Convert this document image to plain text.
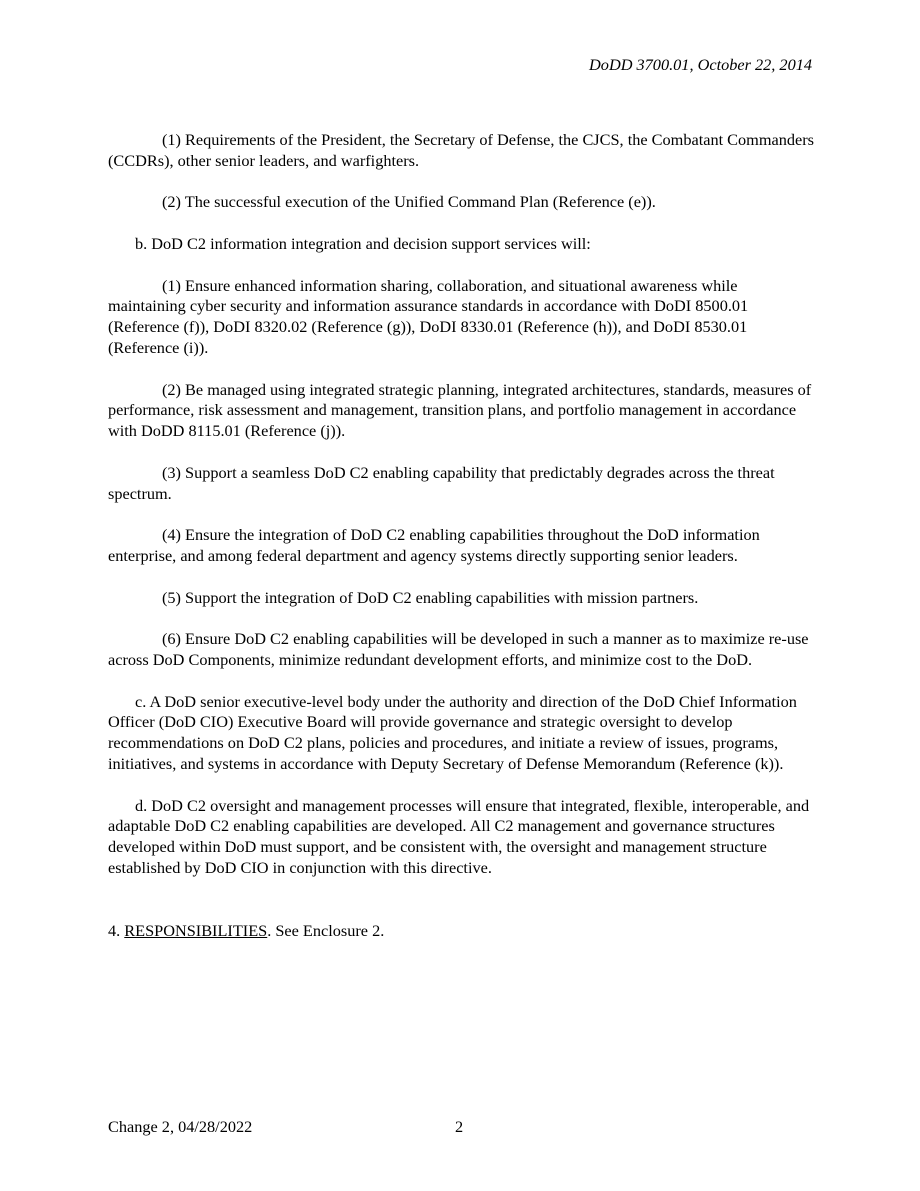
DoDD 3700.01, October 22, 2014

(1) Requirements of the President, the Secretary of Defense, the CJCS, the Combatant Commanders (CCDRs), other senior leaders, and warfighters.

(2) The successful execution of the Unified Command Plan (Reference (e)).

b. DoD C2 information integration and decision support services will:

(1) Ensure enhanced information sharing, collaboration, and situational awareness while maintaining cyber security and information assurance standards in accordance with DoDI 8500.01 (Reference (f)), DoDI 8320.02 (Reference (g)), DoDI 8330.01 (Reference (h)), and DoDI 8530.01 (Reference (i)).

(2) Be managed using integrated strategic planning, integrated architectures, standards, measures of performance, risk assessment and management, transition plans, and portfolio management in accordance with DoDD 8115.01 (Reference (j)).

(3) Support a seamless DoD C2 enabling capability that predictably degrades across the threat spectrum.

(4) Ensure the integration of DoD C2 enabling capabilities throughout the DoD information enterprise, and among federal department and agency systems directly supporting senior leaders.

(5) Support the integration of DoD C2 enabling capabilities with mission partners.

(6) Ensure DoD C2 enabling capabilities will be developed in such a manner as to maximize re-use across DoD Components, minimize redundant development efforts, and minimize cost to the DoD.

c. A DoD senior executive-level body under the authority and direction of the DoD Chief Information Officer (DoD CIO) Executive Board will provide governance and strategic oversight to develop recommendations on DoD C2 plans, policies and procedures, and initiate a review of issues, programs, initiatives, and systems in accordance with Deputy Secretary of Defense Memorandum (Reference (k)).

d. DoD C2 oversight and management processes will ensure that integrated, flexible, interoperable, and adaptable DoD C2 enabling capabilities are developed. All C2 management and governance structures developed within DoD must support, and be consistent with, the oversight and management structure established by DoD CIO in conjunction with this directive.

4. RESPONSIBILITIES. See Enclosure 2.

Change 2, 04/28/2022	2
